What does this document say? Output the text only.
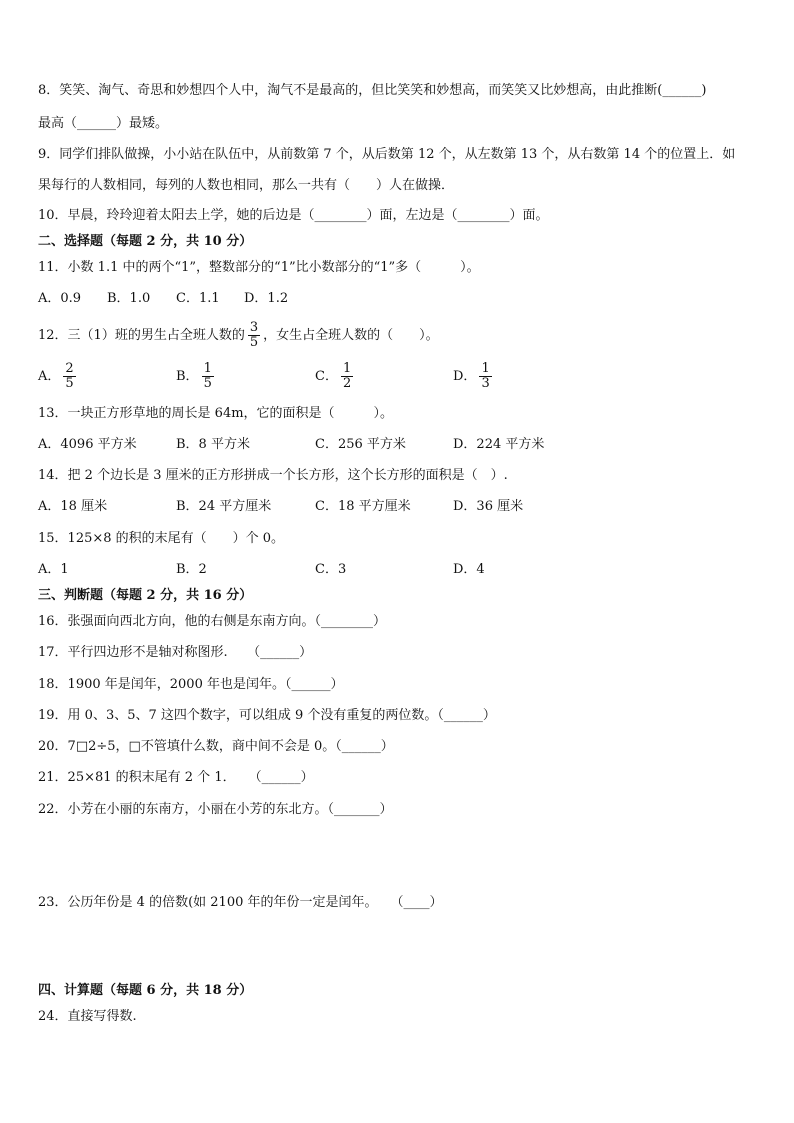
8．笑笑、淘气、奇思和妙想四个人中，淘气不是最高的，但比笑笑和妙想高，而笑笑又比妙想高，由此推断(______)
最高（______）最矮。
9．同学们排队做操，小小站在队伍中，从前数第 7 个，从后数第 12 个，从左数第 13 个，从右数第 14 个的位置上．如
果每行的人数相同，每列的人数也相同，那么一共有（　　）人在做操．
10．早晨，玲玲迎着太阳去上学，她的后边是（________）面，左边是（________）面。
二、选择题（每题 2 分，共 10 分）
11．小数 1.1 中的两个“1”，整数部分的“1”比小数部分的“1”多（　　　）。
A．0.9 B．1.0 C．1.1 D．1.2
12．三（1）班的男生占全班人数的 $\frac{3}{5}$ ，女生占全班人数的（　　）。
A． $\frac{2}{5}$	B． $\frac{1}{5}$	C． $\frac{1}{2}$	D． $\frac{1}{3}$
13．一块正方形草地的周长是 64m，它的面积是（　　　）。
A．4096 平方米	B．8 平方米	C．256 平方米	D．224 平方米
14．把 2 个边长是 3 厘米的正方形拼成一个长方形，这个长方形的面积是（　）.
A．18 厘米	B．24 平方厘米	C．18 平方厘米	D．36 厘米
15．125×8 的积的末尾有（　　）个 0。
A．1	B．2	C．3	D．4
三、判断题（每题 2 分，共 16 分）
16．张强面向西北方向，他的右侧是东南方向。（________）
17．平行四边形不是轴对称图形.　　（______）
18．1900 年是闰年，2000 年也是闰年。（______）
19．用 0、3、5、7 这四个数字，可以组成 9 个没有重复的两位数。（______）
20．7□2÷5，□不管填什么数，商中间不会是 0。（______）
21．25×81 的积末尾有 2 个 1．　　（______）
22．小芳在小丽的东南方，小丽在小芳的东北方。（_______）
23．公历年份是 4 的倍数(如 2100 年的年份一定是闰年。　　（____）
四、计算题（每题 6 分，共 18 分）
24．直接写得数.
